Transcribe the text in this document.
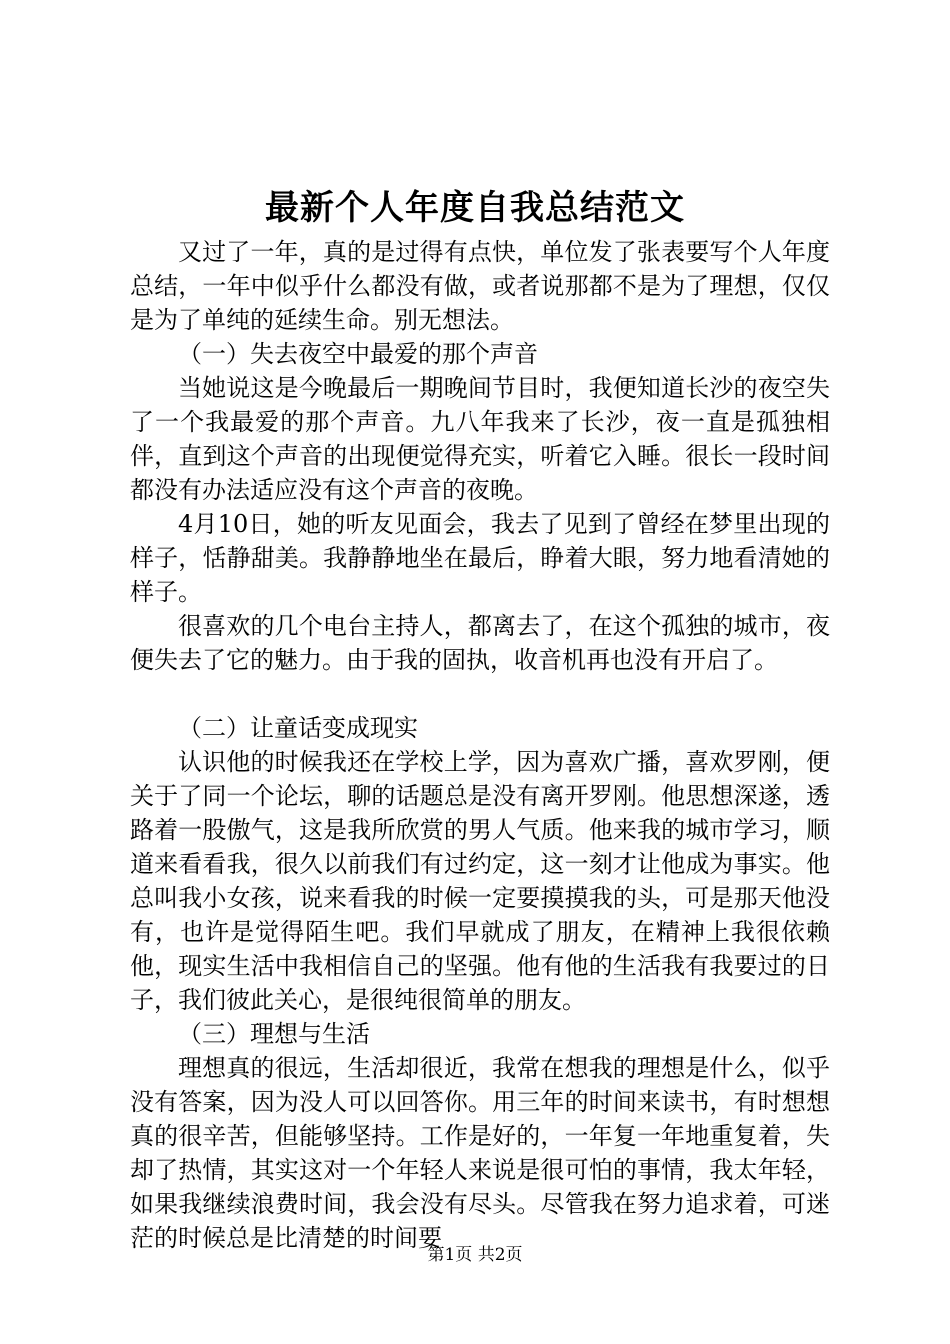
最新个人年度自我总结范文

又过了一年，真的是过得有点快，单位发了张表要写个人年度总结，一年中似乎什么都没有做，或者说那都不是为了理想，仅仅是为了单纯的延续生命。别无想法。

（一）失去夜空中最爱的那个声音

当她说这是今晚最后一期晚间节目时，我便知道长沙的夜空失了一个我最爱的那个声音。九八年我来了长沙，夜一直是孤独相伴，直到这个声音的出现便觉得充实，听着它入睡。很长一段时间都没有办法适应没有这个声音的夜晚。

4月10日，她的听友见面会，我去了见到了曾经在梦里出现的样子，恬静甜美。我静静地坐在最后，睁着大眼，努力地看清她的样子。

很喜欢的几个电台主持人，都离去了，在这个孤独的城市，夜便失去了它的魅力。由于我的固执，收音机再也没有开启了。

（二）让童话变成现实

认识他的时候我还在学校上学，因为喜欢广播，喜欢罗刚，便关于了同一个论坛，聊的话题总是没有离开罗刚。他思想深遂，透路着一股傲气，这是我所欣赏的男人气质。他来我的城市学习，顺道来看看我，很久以前我们有过约定，这一刻才让他成为事实。他总叫我小女孩，说来看我的时候一定要摸摸我的头，可是那天他没有，也许是觉得陌生吧。我们早就成了朋友，在精神上我很依赖他，现实生活中我相信自己的坚强。他有他的生活我有我要过的日子，我们彼此关心，是很纯很简单的朋友。

（三）理想与生活

理想真的很远，生活却很近，我常在想我的理想是什么，似乎没有答案，因为没人可以回答你。用三年的时间来读书，有时想想真的很辛苦，但能够坚持。工作是好的，一年复一年地重复着，失却了热情，其实这对一个年轻人来说是很可怕的事情，我太年轻，如果我继续浪费时间，我会没有尽头。尽管我在努力追求着，可迷茫的时候总是比清楚的时间要

第1页 共2页
